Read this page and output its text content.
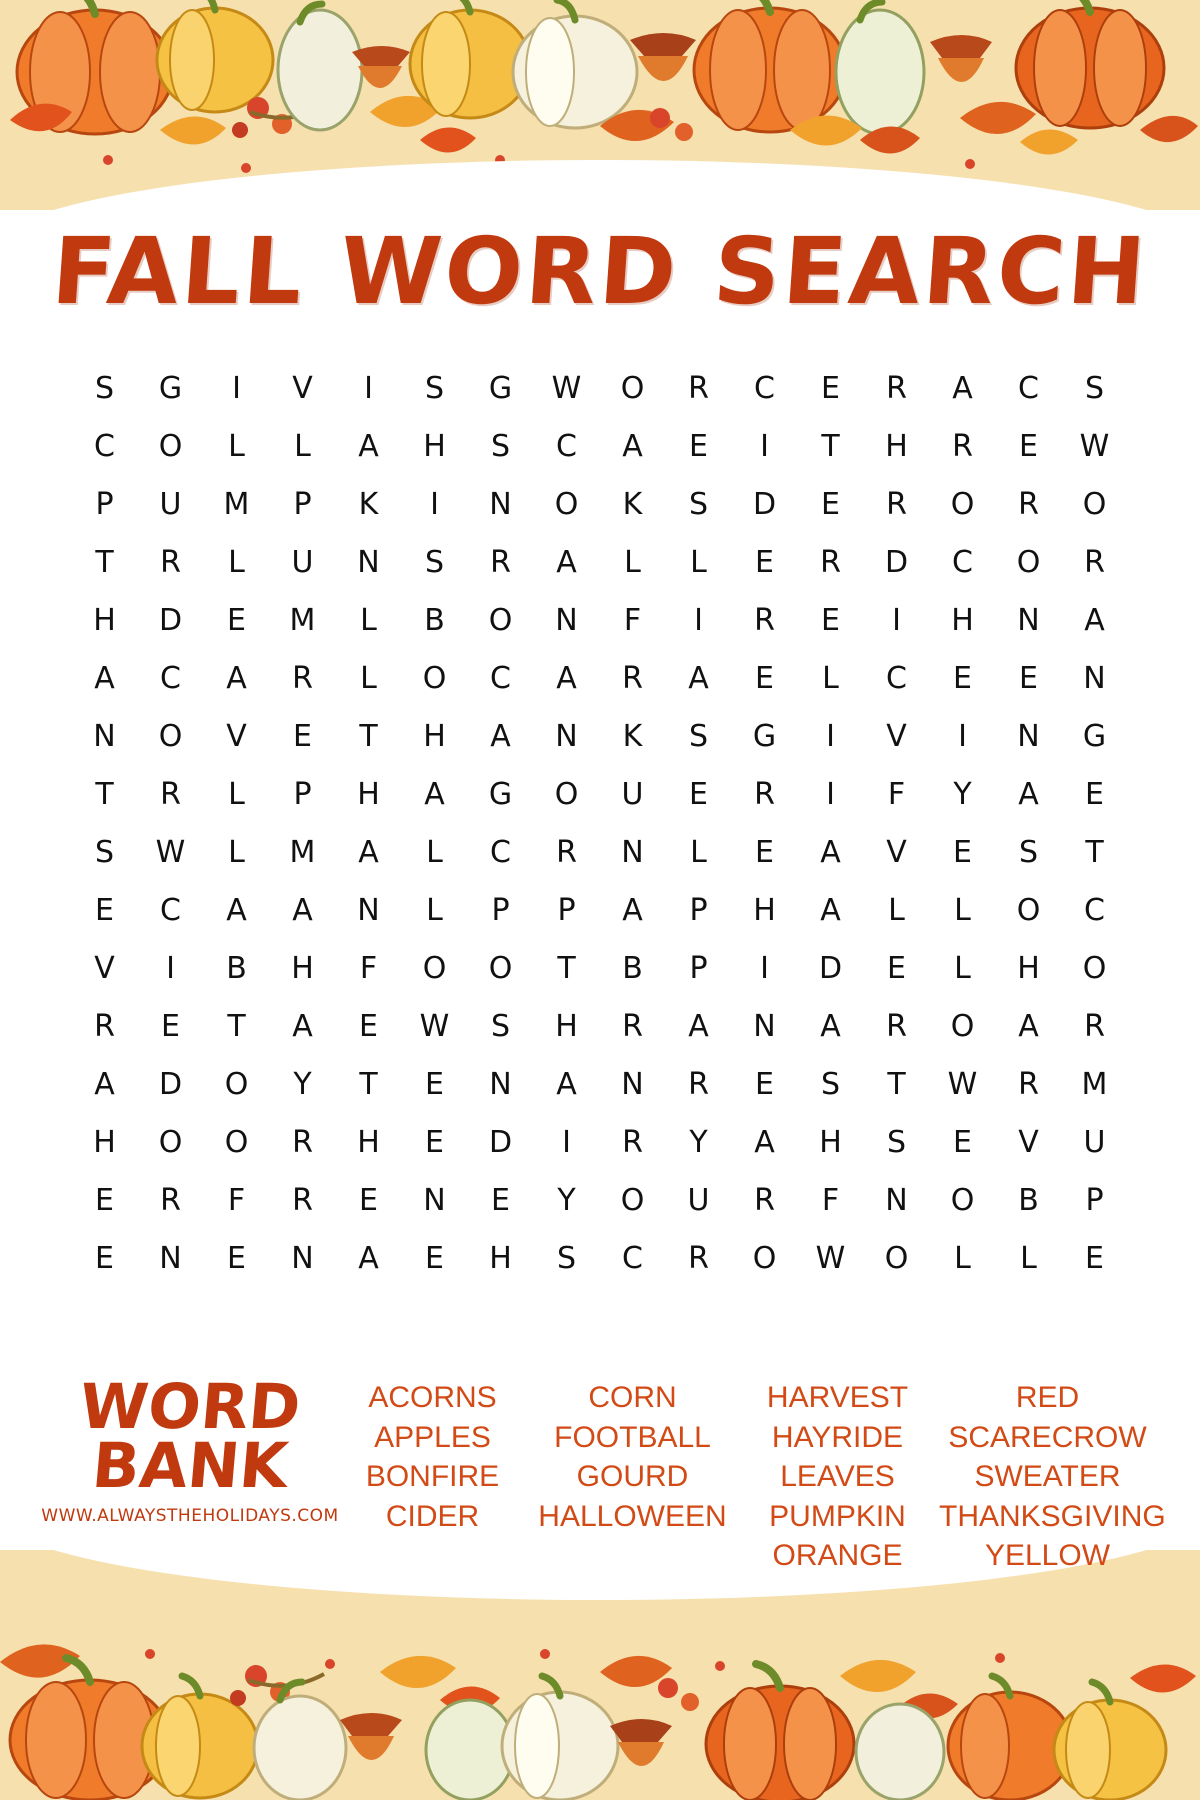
FALL WORD SEARCH
S	G	I	V	I	S	G	W	O	R	C	E	R	A	C	S
C	O	L	L	A	H	S	C	A	E	I	T	H	R	E	W
P	U	M	P	K	I	N	O	K	S	D	E	R	O	R	O
T	R	L	U	N	S	R	A	L	L	E	R	D	C	O	R
H	D	E	M	L	B	O	N	F	I	R	E	I	H	N	A
A	C	A	R	L	O	C	A	R	A	E	L	C	E	E	N
N	O	V	E	T	H	A	N	K	S	G	I	V	I	N	G
T	R	L	P	H	A	G	O	U	E	R	I	F	Y	A	E
S	W	L	M	A	L	C	R	N	L	E	A	V	E	S	T
E	C	A	A	N	L	P	P	A	P	H	A	L	L	O	C
V	I	B	H	F	O	O	T	B	P	I	D	E	L	H	O
R	E	T	A	E	W	S	H	R	A	N	A	R	O	A	R
A	D	O	Y	T	E	N	A	N	R	E	S	T	W	R	M
H	O	O	R	H	E	D	I	R	Y	A	H	S	E	V	U
E	R	F	R	E	N	E	Y	O	U	R	F	N	O	B	P
E	N	E	N	A	E	H	S	C	R	O	W	O	L	L	E
WORD
BANK
WWW.ALWAYSTHEHOLIDAYS.COM
ACORNS
APPLES
BONFIRE
CIDER
CORN
FOOTBALL
GOURD
HALLOWEEN
HARVEST
HAYRIDE
LEAVES
PUMPKIN
ORANGE
RED
SCARECROW
SWEATER
THANKSGIVING
YELLOW
